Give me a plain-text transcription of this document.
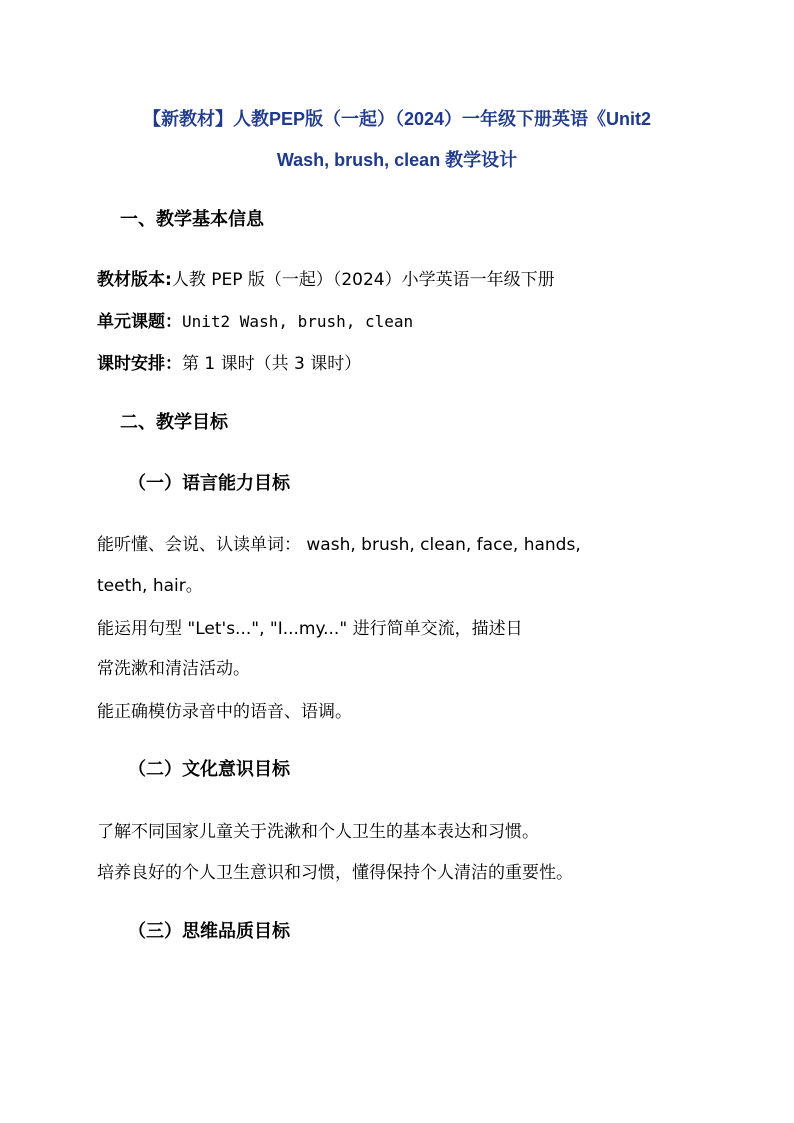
【新教材】人教PEP版（一起）（2024）一年级下册英语《Unit2
Wash, brush, clean 教学设计
一、教学基本信息
教材版本:人教 PEP 版（一起）（2024）小学英语一年级下册
单元课题：Unit2 Wash, brush, clean
课时安排：第 1 课时（共 3 课时）
二、教学目标
（一）语言能力目标
能听懂、会说、认读单词： wash, brush, clean, face, hands,
teeth, hair。
能运用句型 "Let's...", "I...my..." 进行简单交流，描述日
常洗漱和清洁活动。
能正确模仿录音中的语音、语调。
（二）文化意识目标
了解不同国家儿童关于洗漱和个人卫生的基本表达和习惯。
培养良好的个人卫生意识和习惯，懂得保持个人清洁的重要性。
（三）思维品质目标
